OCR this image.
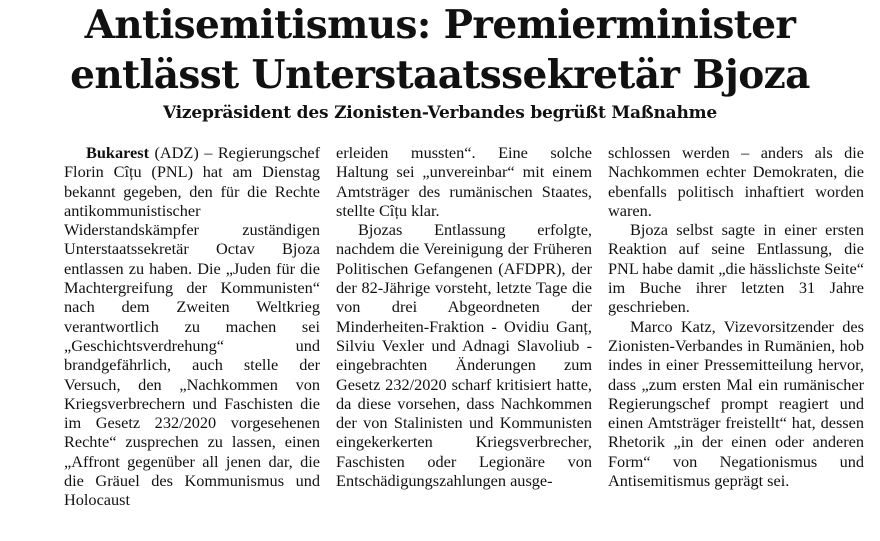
Antisemitismus: Premierminister
entlässt Unterstaatssekretär Bjoza
Vizepräsident des Zionisten-Verbandes begrüßt Maßnahme

Bukarest (ADZ) – Regierungschef Florin Cîțu (PNL) hat am Dienstag bekannt gegeben, den für die Rechte antikommunistischer Widerstandskämpfer zuständigen Unterstaatssekretär Octav Bjoza entlassen zu haben. Die „Juden für die Machtergreifung der Kommunisten“ nach dem Zweiten Weltkrieg verantwortlich zu machen sei „Geschichtsverdrehung“ und brandgefährlich, auch stelle der Versuch, den „Nachkommen von Kriegsverbrechern und Faschisten die im Gesetz 232/2020 vorgesehenen Rechte“ zusprechen zu lassen, einen „Affront gegenüber all jenen dar, die die Gräuel des Kommunismus und Holocaust

erleiden mussten“. Eine solche Haltung sei „unvereinbar“ mit einem Amtsträger des rumänischen Staates, stellte Cîțu klar.

Bjozas Entlassung erfolgte, nachdem die Vereinigung der Früheren Politischen Gefangenen (AFDPR), der der 82-Jährige vorsteht, letzte Tage die von drei Abgeordneten der Minderheiten-Fraktion - Ovidiu Ganț, Silviu Vexler und Adnagi Slavoliub - eingebrachten Änderungen zum Gesetz 232/2020 scharf kritisiert hatte, da diese vorsehen, dass Nachkommen der von Stalinisten und Kommunisten eingekerkerten Kriegsverbrecher, Faschisten oder Legionäre von Entschädigungszahlungen ausge-

schlossen werden – anders als die Nachkommen echter Demokraten, die ebenfalls politisch inhaftiert worden waren.

Bjoza selbst sagte in einer ersten Reaktion auf seine Entlassung, die PNL habe damit „die hässlichste Seite“ im Buche ihrer letzten 31 Jahre geschrieben.

Marco Katz, Vizevorsitzender des Zionisten-Verbandes in Rumänien, hob indes in einer Pressemitteilung hervor, dass „zum ersten Mal ein rumänischer Regierungschef prompt reagiert und einen Amtsträger freistellt“ hat, dessen Rhetorik „in der einen oder anderen Form“ von Negationismus und Antisemitismus geprägt sei.
